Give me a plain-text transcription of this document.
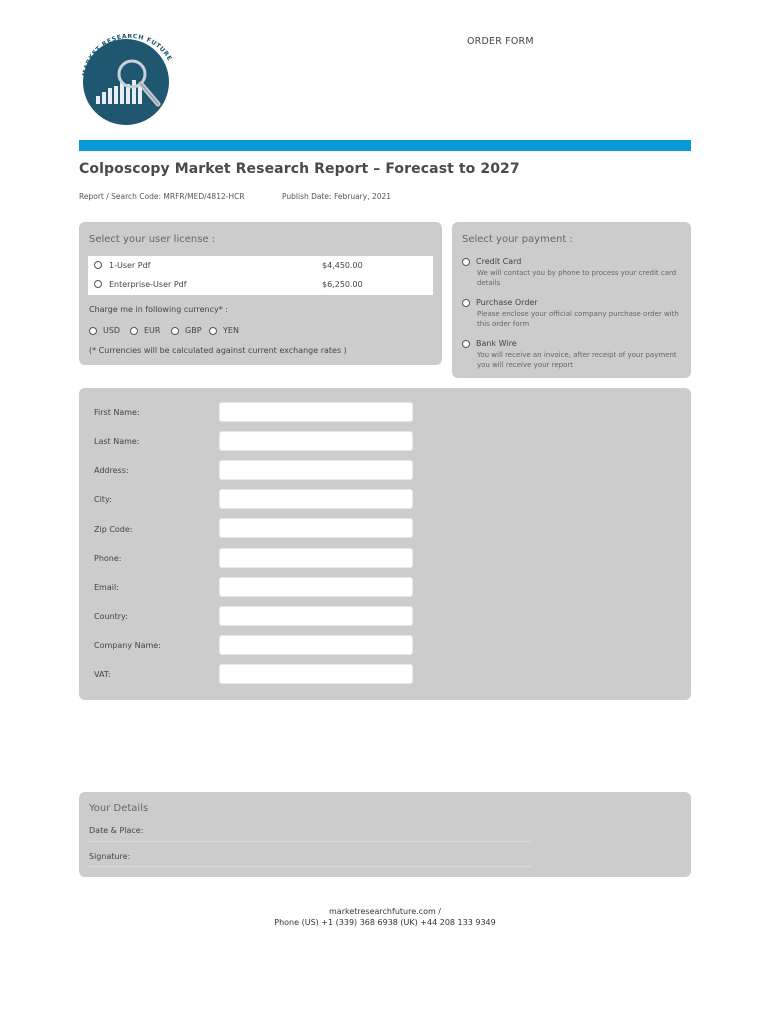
MARKET RESEARCH FUTURE
ORDER FORM
Colposcopy Market Research Report – Forecast to 2027
Report / Search Code: MRFR/MED/4812-HCR	Publish Date: February, 2021
Select your user license :
1-User Pdf	$4,450.00
Enterprise-User Pdf	$6,250.00
Charge me in following currency* :
USD	EUR	GBP	YEN
(* Currencies will be calculated against current exchange rates )
Select your payment :
Credit Card
We will contact you by phone to process your credit card details
Purchase Order
Please enclose your official company purchase order with this order form
Bank Wire
You will receive an invoice, after receipt of your payment you will receive your report
First Name:
Last Name:
Address:
City:
Zip Code:
Phone:
Email:
Country:
Company Name:
VAT:
Your Details
Date & Place:
Signature:
marketresearchfuture.com /
Phone (US) +1 (339) 368 6938 (UK) +44 208 133 9349
